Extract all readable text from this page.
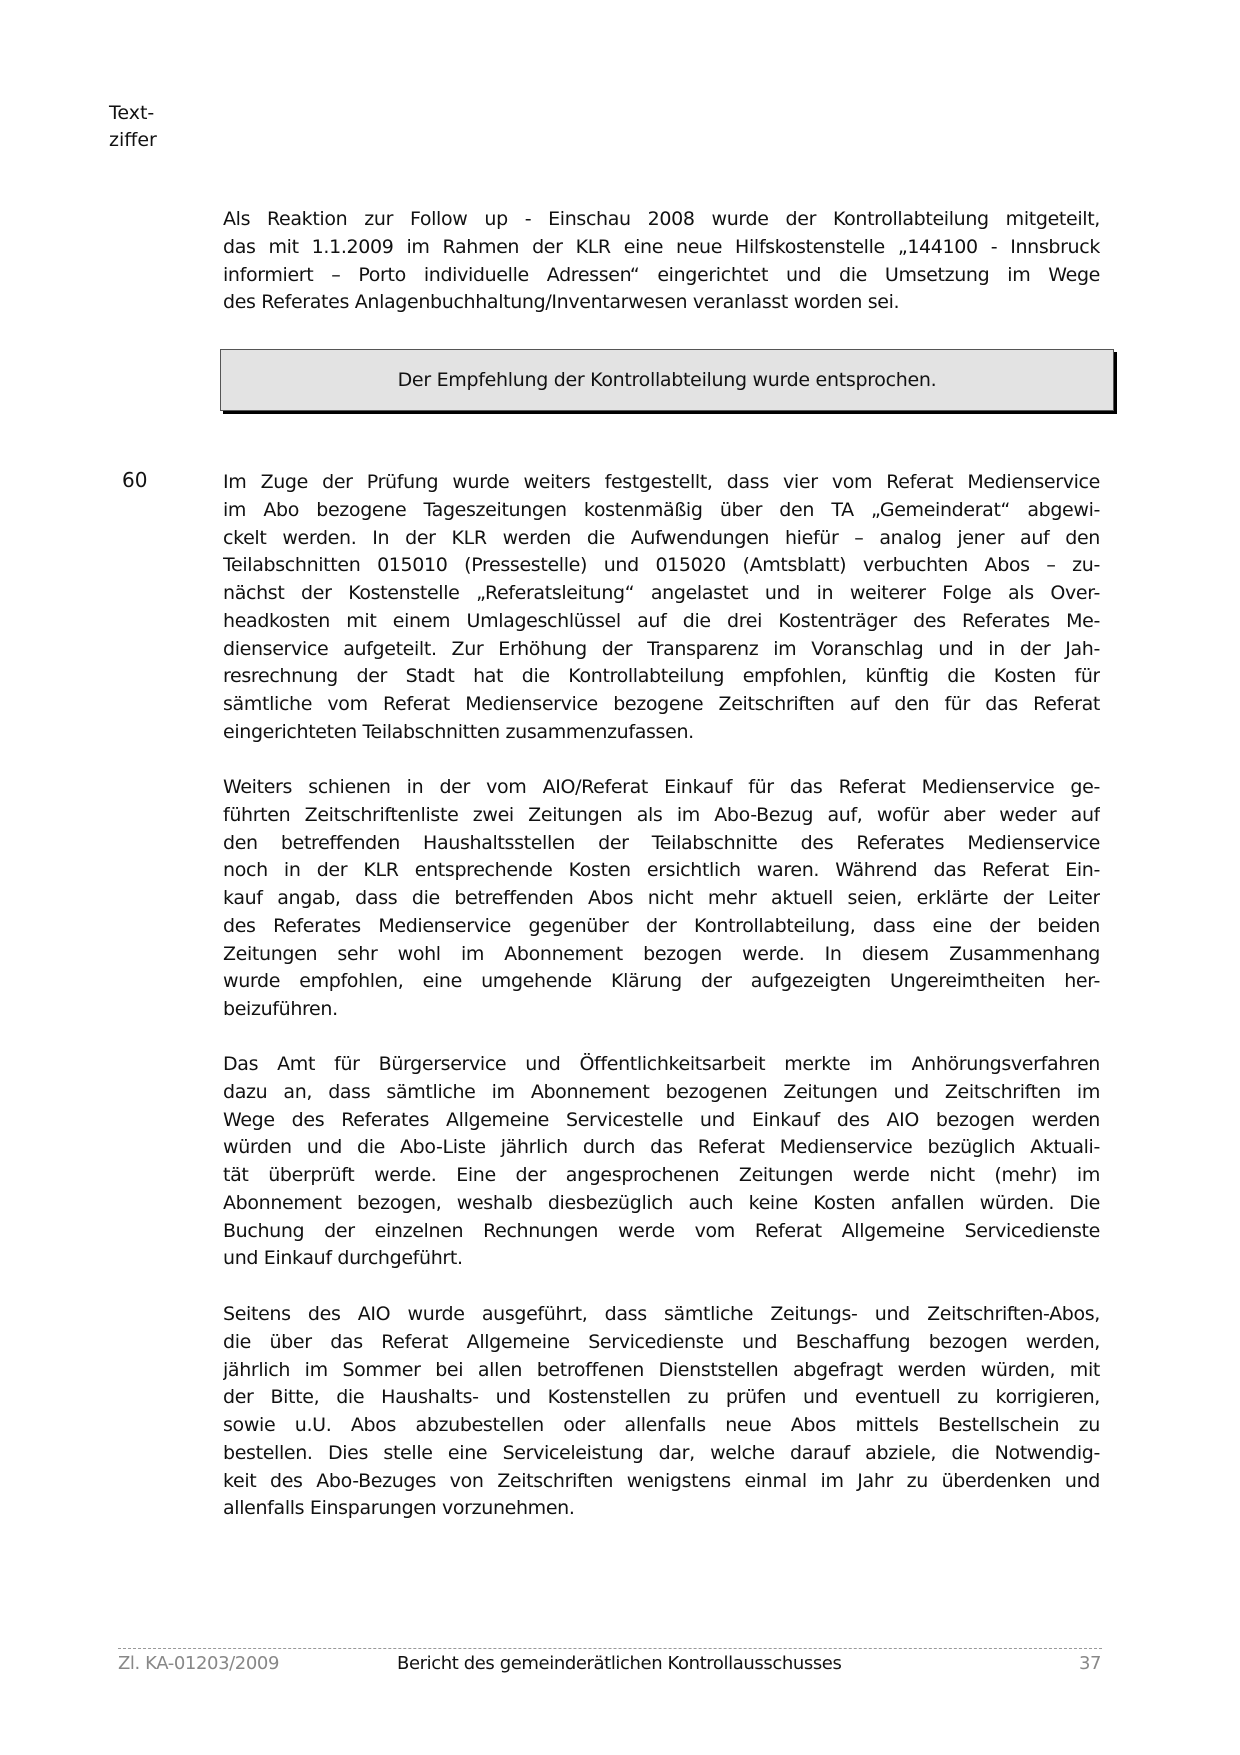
Text-
ziffer
Als Reaktion zur Follow up - Einschau 2008 wurde der Kontrollabteilung mitgeteilt,
das mit 1.1.2009 im Rahmen der KLR eine neue Hilfskostenstelle „144100 - Innsbruck
informiert – Porto individuelle Adressen“ eingerichtet und die Umsetzung im Wege
des Referates Anlagenbuchhaltung/Inventarwesen veranlasst worden sei.
Der Empfehlung der Kontrollabteilung wurde entsprochen.
60	Im Zuge der Prüfung wurde weiters festgestellt, dass vier vom Referat Medienservice
im Abo bezogene Tageszeitungen kostenmäßig über den TA „Gemeinderat“ abgewi-
ckelt werden. In der KLR werden die Aufwendungen hiefür – analog jener auf den
Teilabschnitten 015010 (Pressestelle) und 015020 (Amtsblatt) verbuchten Abos – zu-
nächst der Kostenstelle „Referatsleitung“ angelastet und in weiterer Folge als Over-
headkosten mit einem Umlageschlüssel auf die drei Kostenträger des Referates Me-
dienservice aufgeteilt. Zur Erhöhung der Transparenz im Voranschlag und in der Jah-
resrechnung der Stadt hat die Kontrollabteilung empfohlen, künftig die Kosten für
sämtliche vom Referat Medienservice bezogene Zeitschriften auf den für das Referat
eingerichteten Teilabschnitten zusammenzufassen.
Weiters schienen in der vom AIO/Referat Einkauf für das Referat Medienservice ge-
führten Zeitschriftenliste zwei Zeitungen als im Abo-Bezug auf, wofür aber weder auf
den betreffenden Haushaltsstellen der Teilabschnitte des Referates Medienservice
noch in der KLR entsprechende Kosten ersichtlich waren. Während das Referat Ein-
kauf angab, dass die betreffenden Abos nicht mehr aktuell seien, erklärte der Leiter
des Referates Medienservice gegenüber der Kontrollabteilung, dass eine der beiden
Zeitungen sehr wohl im Abonnement bezogen werde. In diesem Zusammenhang
wurde empfohlen, eine umgehende Klärung der aufgezeigten Ungereimtheiten her-
beizuführen.
Das Amt für Bürgerservice und Öffentlichkeitsarbeit merkte im Anhörungsverfahren
dazu an, dass sämtliche im Abonnement bezogenen Zeitungen und Zeitschriften im
Wege des Referates Allgemeine Servicestelle und Einkauf des AIO bezogen werden
würden und die Abo-Liste jährlich durch das Referat Medienservice bezüglich Aktuali-
tät überprüft werde. Eine der angesprochenen Zeitungen werde nicht (mehr) im
Abonnement bezogen, weshalb diesbezüglich auch keine Kosten anfallen würden. Die
Buchung der einzelnen Rechnungen werde vom Referat Allgemeine Servicedienste
und Einkauf durchgeführt.
Seitens des AIO wurde ausgeführt, dass sämtliche Zeitungs- und Zeitschriften-Abos,
die über das Referat Allgemeine Servicedienste und Beschaffung bezogen werden,
jährlich im Sommer bei allen betroffenen Dienststellen abgefragt werden würden, mit
der Bitte, die Haushalts- und Kostenstellen zu prüfen und eventuell zu korrigieren,
sowie u.U. Abos abzubestellen oder allenfalls neue Abos mittels Bestellschein zu
bestellen. Dies stelle eine Serviceleistung dar, welche darauf abziele, die Notwendig-
keit des Abo-Bezuges von Zeitschriften wenigstens einmal im Jahr zu überdenken und
allenfalls Einsparungen vorzunehmen.
Zl. KA-01203/2009	Bericht des gemeinderätlichen Kontrollausschusses	37
